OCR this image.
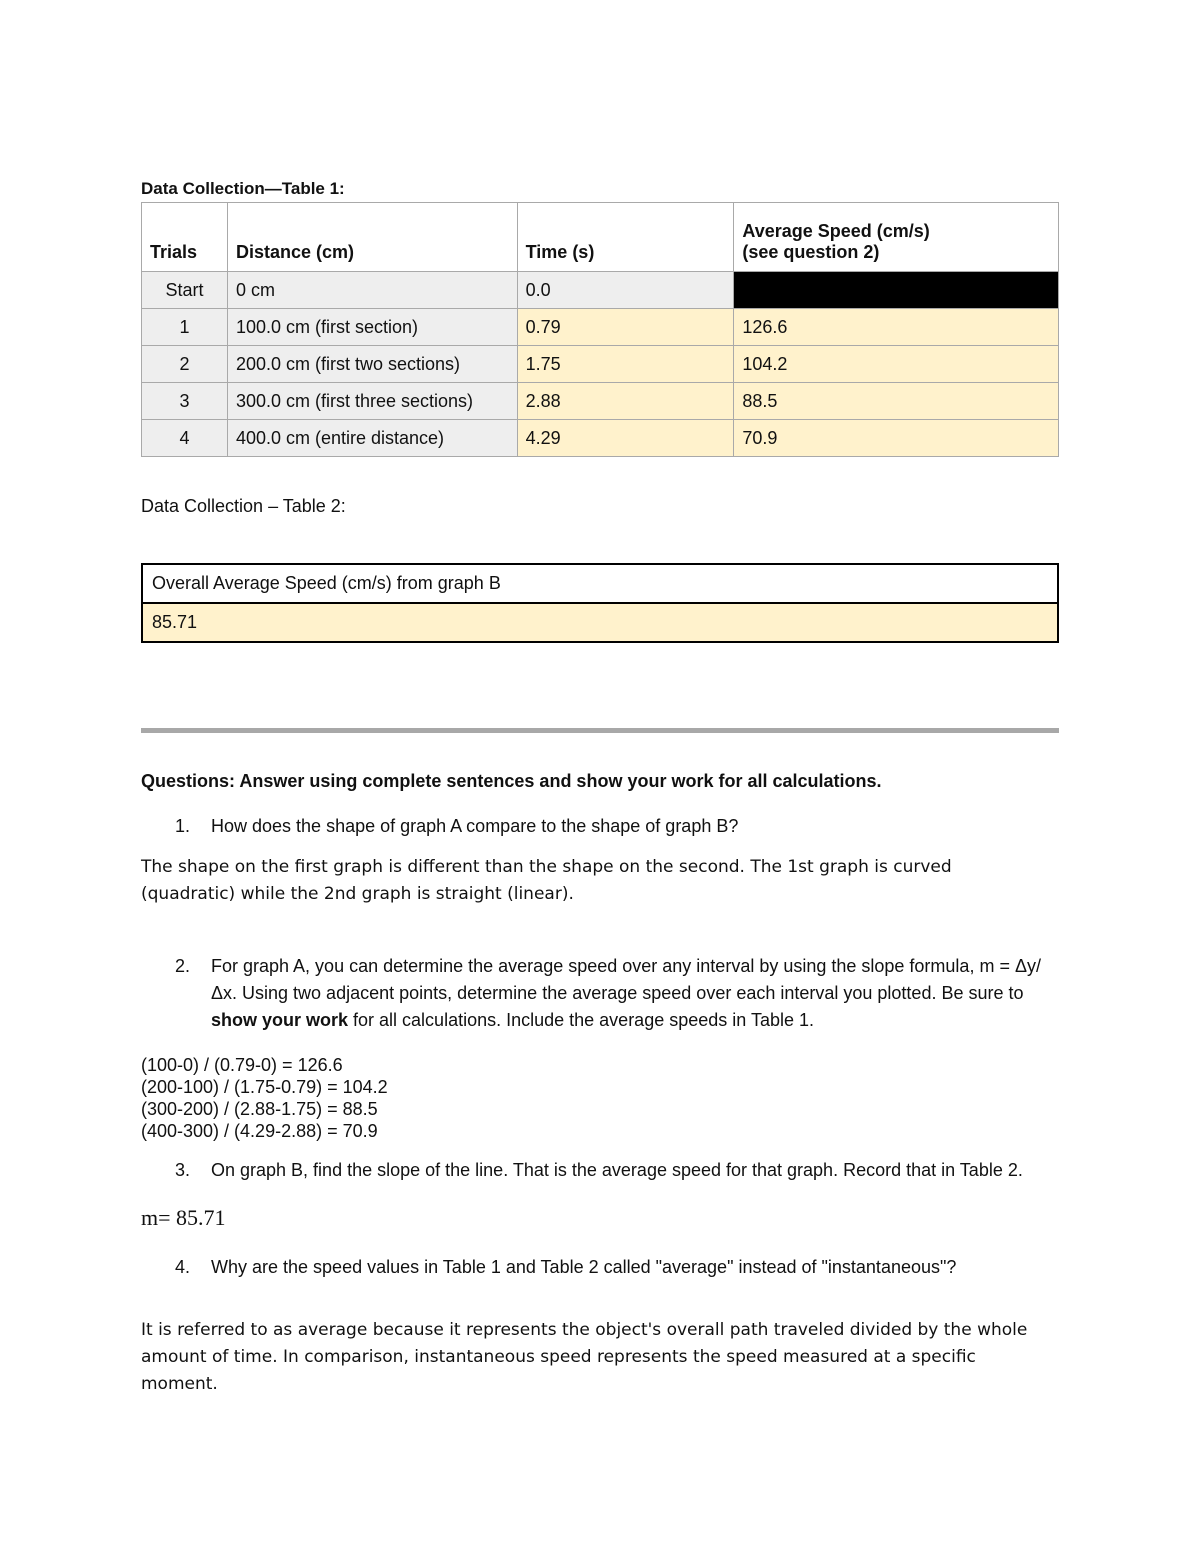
Data Collection—Table 1:
Trials	Distance (cm)	Time (s)	Average Speed (cm/s)
(see question 2)
Start	0 cm	0.0	
1	100.0 cm (first section)	0.79	126.6
2	200.0 cm (first two sections)	1.75	104.2
3	300.0 cm (first three sections)	2.88	88.5
4	400.0 cm (entire distance)	4.29	70.9
Data Collection – Table 2:
Overall Average Speed (cm/s) from graph B
85.71
Questions: Answer using complete sentences and show your work for all calculations.
1. How does the shape of graph A compare to the shape of graph B?
The shape on the first graph is different than the shape on the second. The 1st graph is curved (quadratic) while the 2nd graph is straight (linear).
2. For graph A, you can determine the average speed over any interval by using the slope formula, m = Δy/Δx. Using two adjacent points, determine the average speed over each interval you plotted. Be sure to show your work for all calculations. Include the average speeds in Table 1.
(100-0) / (0.79-0) = 126.6
(200-100) / (1.75-0.79) = 104.2
(300-200) / (2.88-1.75) = 88.5
(400-300) / (4.29-2.88) = 70.9
3. On graph B, find the slope of the line. That is the average speed for that graph. Record that in Table 2.
m= 85.71
4. Why are the speed values in Table 1 and Table 2 called "average" instead of "instantaneous"?
It is referred to as average because it represents the object's overall path traveled divided by the whole amount of time. In comparison, instantaneous speed represents the speed measured at a specific moment.
